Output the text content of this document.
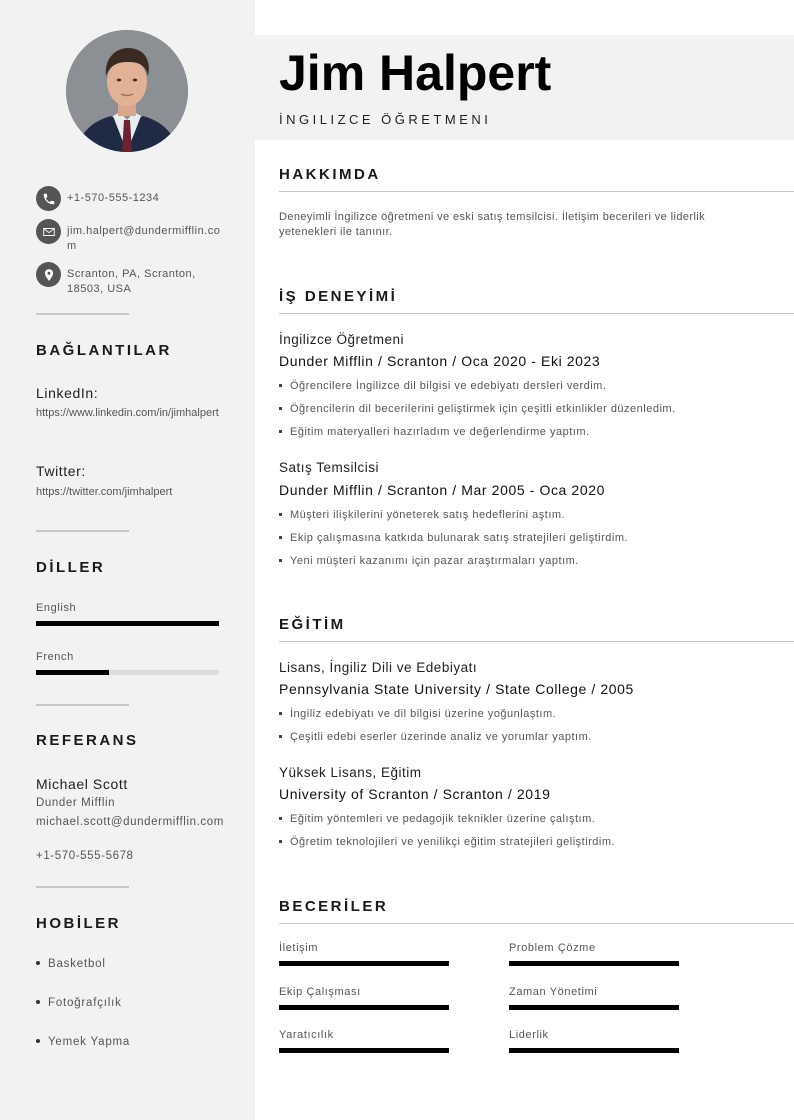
+1-570-555-1234
jim.halpert@dundermifflin.com
Scranton, PA, Scranton, 18503, USA
BAĞLANTILAR
LinkedIn:
https://www.linkedin.com/in/jimhalpert
Twitter:
https://twitter.com/jimhalpert
DİLLER
English
French
REFERANS
Michael Scott
Dunder Mifflin
michael.scott@dundermifflin.com
+1-570-555-5678
HOBİLER
Basketbol
Fotoğrafçılık
Yemek Yapma
Jim Halpert
İNGILIZCE ÖĞRETMENI
HAKKIMDA
Deneyimli İngilizce öğretmeni ve eski satış temsilcisi. İletişim becerileri ve liderlik yetenekleri ile tanınır.
İŞ DENEYİMİ
İngilizce Öğretmeni
Dunder Mifflin / Scranton / Oca 2020 - Eki 2023
Öğrencilere İngilizce dil bilgisi ve edebiyatı dersleri verdim.
Öğrencilerin dil becerilerini geliştirmek için çeşitli etkinlikler düzenledim.
Eğitim materyalleri hazırladım ve değerlendirme yaptım.
Satış Temsilcisi
Dunder Mifflin / Scranton / Mar 2005 - Oca 2020
Müşteri ilişkilerini yöneterek satış hedeflerini aştım.
Ekip çalışmasına katkıda bulunarak satış stratejileri geliştirdim.
Yeni müşteri kazanımı için pazar araştırmaları yaptım.
EĞİTİM
Lisans, İngiliz Dili ve Edebiyatı
Pennsylvania State University / State College / 2005
İngiliz edebiyatı ve dil bilgisi üzerine yoğunlaştım.
Çeşitli edebi eserler üzerinde analiz ve yorumlar yaptım.
Yüksek Lisans, Eğitim
University of Scranton / Scranton / 2019
Eğitim yöntemleri ve pedagojik teknikler üzerine çalıştım.
Öğretim teknolojileri ve yenilikçi eğitim stratejileri geliştirdim.
BECERİLER
İletişim	Problem Çözme
Ekip Çalışması	Zaman Yönetimi
Yaratıcılık	Liderlik
